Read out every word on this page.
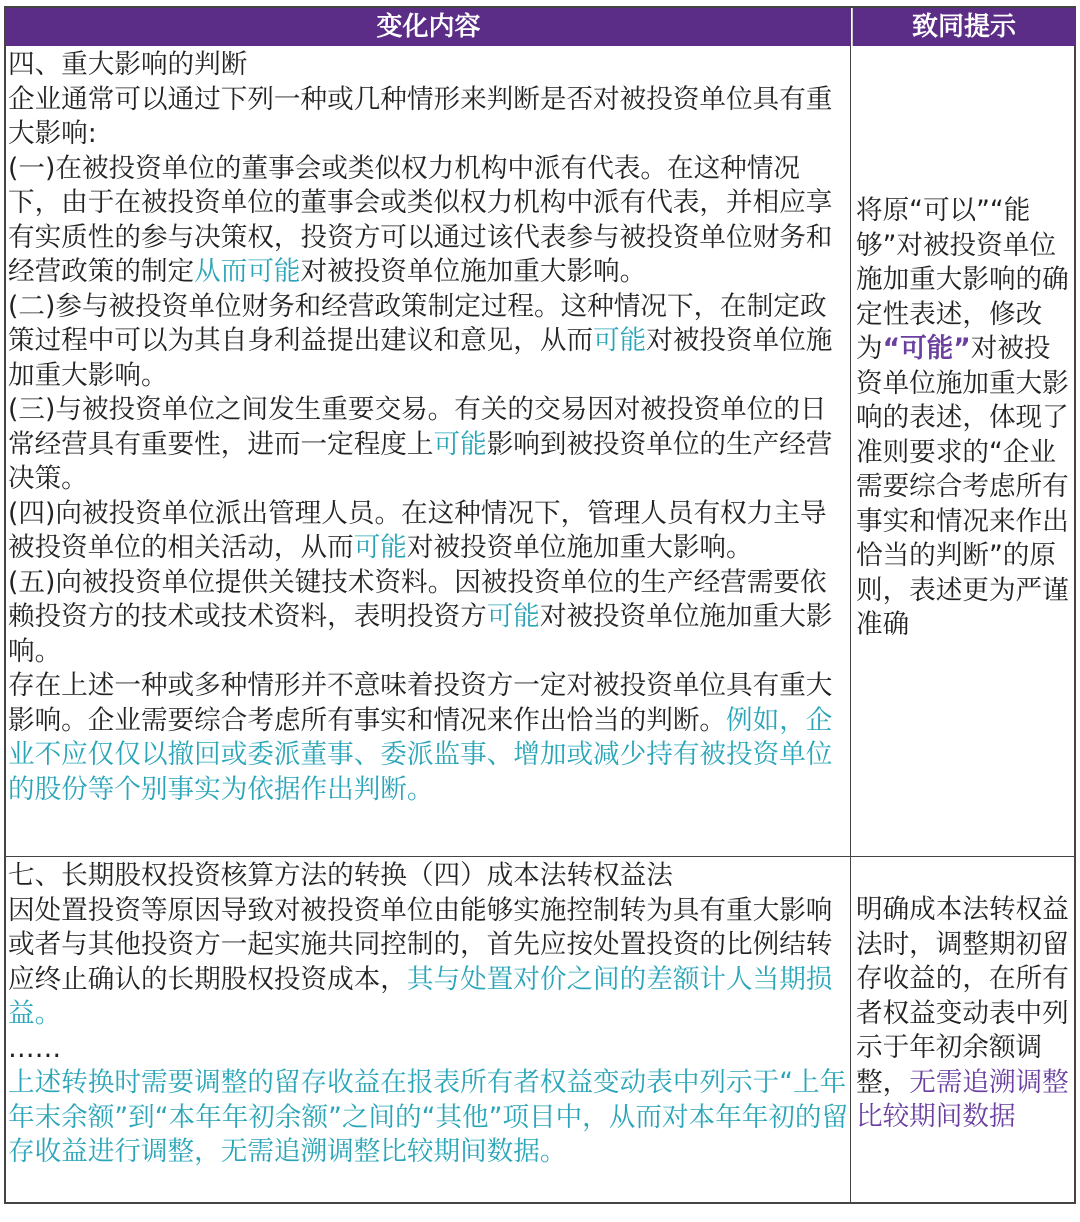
变化内容	致同提示

四、重大影响的判断

企业通常可以通过下列一种或几种情形来判断是否对被投资单位具有重大影响:

(一)在被投资单位的董事会或类似权力机构中派有代表。在这种情况下，由于在被投资单位的董事会或类似权力机构中派有代表，并相应享有实质性的参与决策权，投资方可以通过该代表参与被投资单位财务和经营政策的制定从而可能对被投资单位施加重大影响。

(二)参与被投资单位财务和经营政策制定过程。这种情况下，在制定政策过程中可以为其自身利益提出建议和意见，从而可能对被投资单位施加重大影响。

(三)与被投资单位之间发生重要交易。有关的交易因对被投资单位的日常经营具有重要性，进而一定程度上可能影响到被投资单位的生产经营决策。

(四)向被投资单位派出管理人员。在这种情况下，管理人员有权力主导被投资单位的相关活动，从而可能对被投资单位施加重大影响。

(五)向被投资单位提供关键技术资料。因被投资单位的生产经营需要依赖投资方的技术或技术资料，表明投资方可能对被投资单位施加重大影响。

存在上述一种或多种情形并不意味着投资方一定对被投资单位具有重大影响。企业需要综合考虑所有事实和情况来作出恰当的判断。例如，企业不应仅仅以撤回或委派董事、委派监事、增加或减少持有被投资单位的股份等个别事实为依据作出判断。

将原“可以”“能够”对被投资单位施加重大影响的确定性表述，修改为“可能”对被投资单位施加重大影响的表述，体现了准则要求的“企业需要综合考虑所有事实和情况来作出恰当的判断”的原则，表述更为严谨准确

七、长期股权投资核算方法的转换（四）成本法转权益法

因处置投资等原因导致对被投资单位由能够实施控制转为具有重大影响或者与其他投资方一起实施共同控制的，首先应按处置投资的比例结转应终止确认的长期股权投资成本，其与处置对价之间的差额计人当期损益。

……

上述转换时需要调整的留存收益在报表所有者权益变动表中列示于“上年年末余额”到“本年年初余额”之间的“其他”项目中，从而对本年年初的留存收益进行调整，无需追溯调整比较期间数据。

明确成本法转权益法时，调整期初留存收益的，在所有者权益变动表中列示于年初余额调整，无需追溯调整比较期间数据
